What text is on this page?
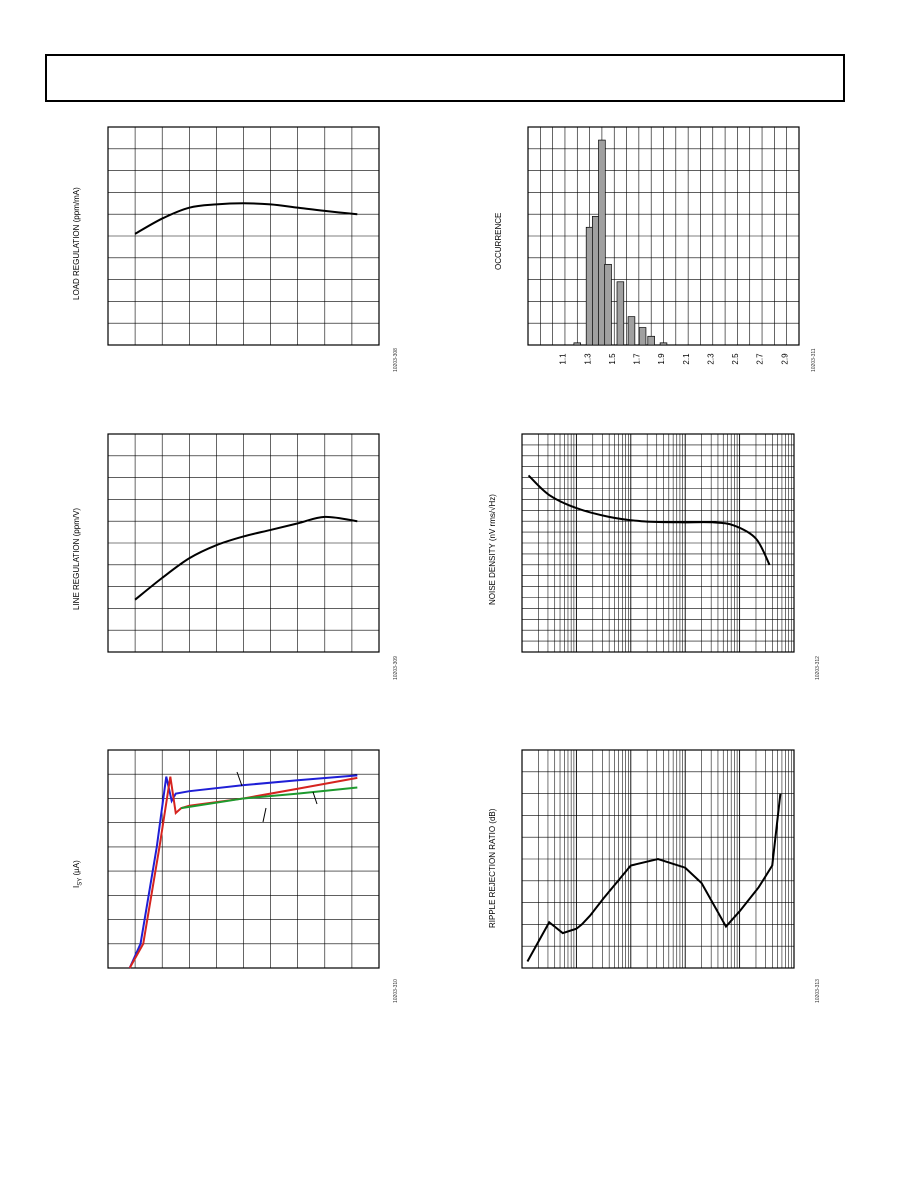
LOAD REGULATION (ppm/mA)
10203-308	1.1 1.3 1.5 1.7 1.9 2.1 2.3 2.5 2.7 2.9
OCCURRENCE
10203-311
LINE REGULATION (ppm/V)
10203-309
NOISE DENSITY (nV rms/√Hz)
10203-312
$I_{SY}$ (µA)
10203-310
RIPPLE REJECTION RATIO (dB)
10203-313
